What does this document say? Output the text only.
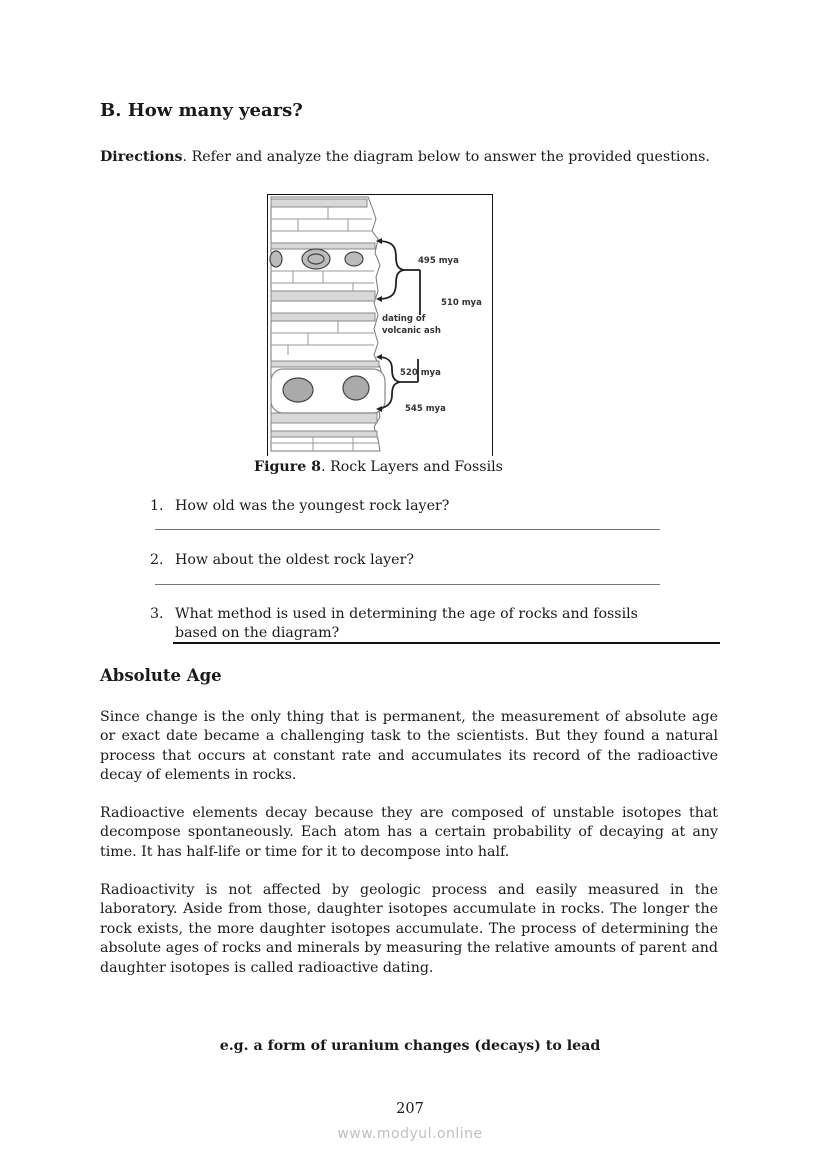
B. How many years?
Directions. Refer and analyze the diagram below to answer the provided questions.
495 mya
510 mya
dating of
volcanic ash
520 mya
545 mya
Figure 8. Rock Layers and Fossils
1. How old was the youngest rock layer?
2. How about the oldest rock layer?
3. What method is used in determining the age of rocks and fossils
based on the diagram?
Absolute Age

Since change is the only thing that is permanent, the measurement of absolute age or exact date became a challenging task to the scientists. But they found a natural process that occurs at constant rate and accumulates its record of the radioactive decay of elements in rocks.

Radioactive elements decay because they are composed of unstable isotopes that decompose spontaneously. Each atom has a certain probability of decaying at any time. It has half-life or time for it to decompose into half.

Radioactivity is not affected by geologic process and easily measured in the laboratory. Aside from those, daughter isotopes accumulate in rocks. The longer the rock exists, the more daughter isotopes accumulate. The process of determining the absolute ages of rocks and minerals by measuring the relative amounts of parent and daughter isotopes is called radioactive dating.

e.g. a form of uranium changes (decays) to lead
207
www.modyul.online
